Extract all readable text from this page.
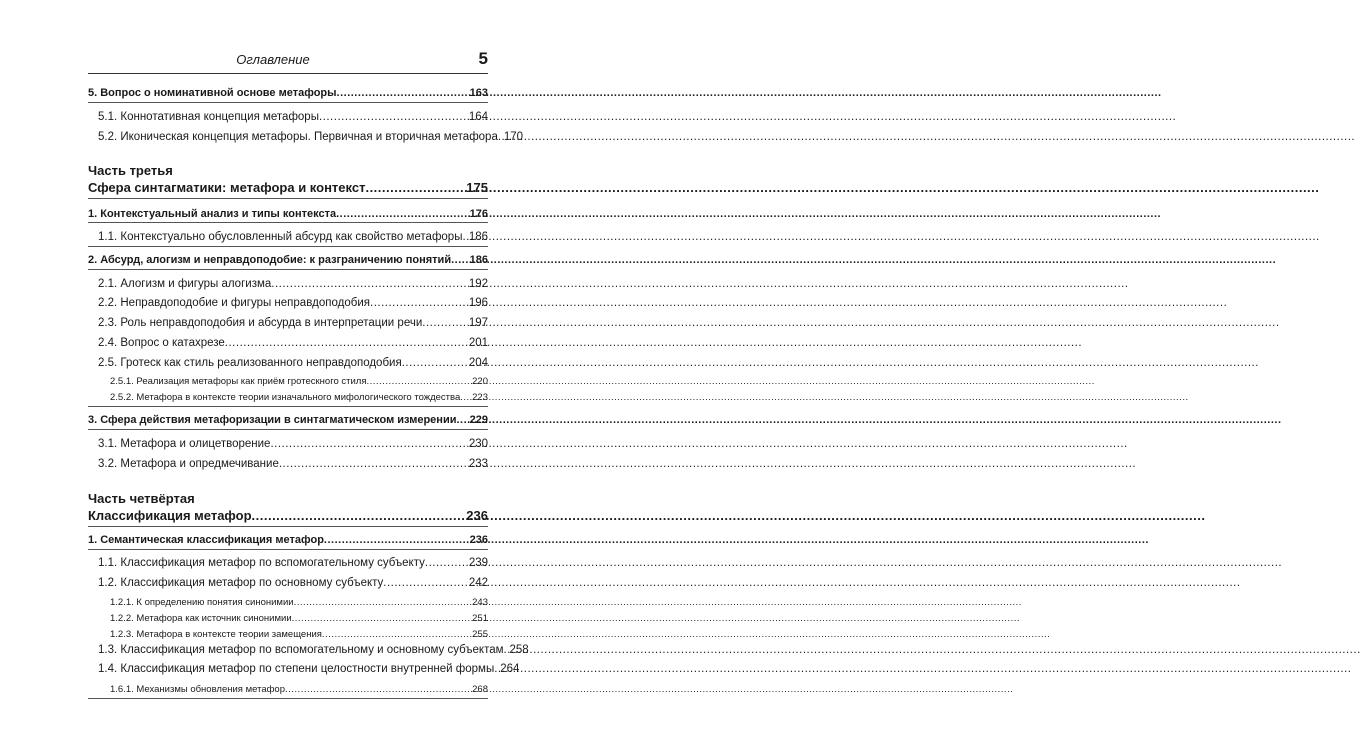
Оглавление	5
5. Вопрос о номинативной основе метафоры .....	163
5.1. Коннотативная концепция метафоры .....	164
5.2. Иконическая концепция метафоры. Первичная и вторичная метафора ..... 170
Часть третья
Сфера синтагматики: метафора и контекст .....	175
1. Контекстуальный анализ и типы контекста .....	176
1.1. Контекстуально обусловленный абсурд как свойство метафоры ..... 186
2. Абсурд, алогизм и неправдоподобие: к разграничению понятий ..... 186
2.1. Алогизм и фигуры алогизма .....	192
2.2. Неправдоподобие и фигуры неправдоподобия .....	196
2.3. Роль неправдоподобия и абсурда в интерпретации речи .....	197
2.4. Вопрос о катахрезе .....	201
2.5. Гротеск как стиль реализованного неправдоподобия .....	204
2.5.1. Реализация метафоры как приём гротескного стиля .....	220
2.5.2. Метафора в контексте теории изначального мифологического тождества ..... 223
3. Сфера действия метафоризации в синтагматическом измерении ..... 229
3.1. Метафора и олицетворение .....	230
3.2. Метафора и опредмечивание .....	233
Часть четвёртая
Классификация метафор .....	236
1. Семантическая классификация метафор .....	236
1.1. Классификация метафор по вспомогательному субъекту .....	239
1.2. Классификация метафор по основному субъекту .....	242
1.2.1. К определению понятия синонимии .....	243
1.2.2. Метафора как источник синонимии .....	251
1.2.3. Метафора в контексте теории замещения .....	255
1.3. Классификация метафор по вспомогательному и основному субъектам ..... 258
1.4. Классификация метафор по степени целостности внутренней формы ..... 264
1.6.1. Механизмы обновления метафор .....	268
